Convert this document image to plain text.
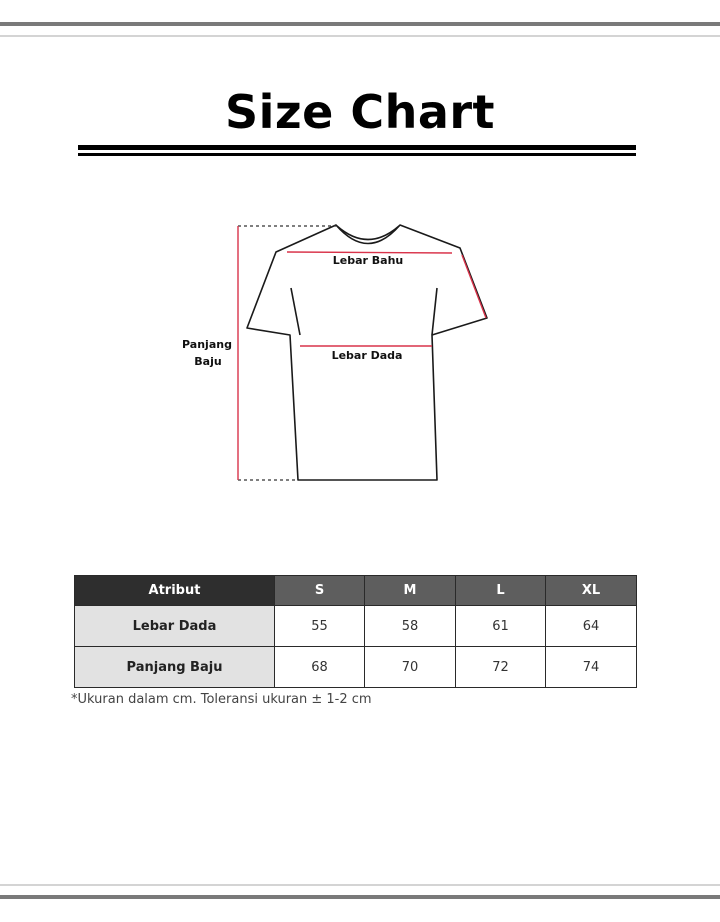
Size Chart
Lebar Bahu
Lebar Dada
Panjang
Baju
Atribut	S	M	L	XL
Lebar Dada	55	58	61	64
Panjang Baju	68	70	72	74
*Ukuran dalam cm. Toleransi ukuran ± 1-2 cm
